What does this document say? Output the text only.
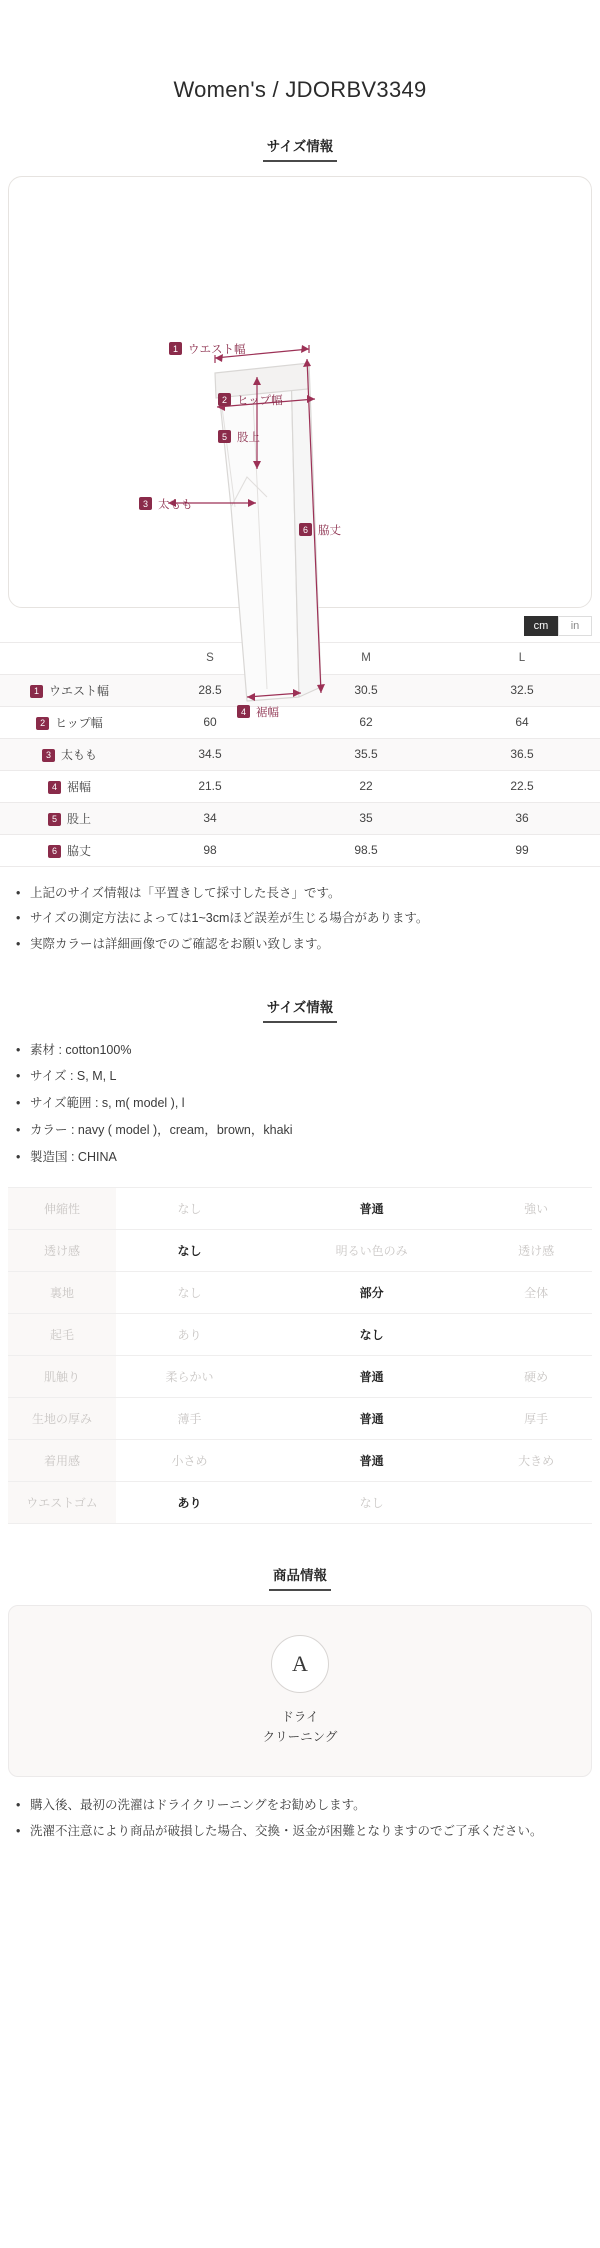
Women's / JDORBV3349
サイズ情報
1 ウエスト幅
2 ヒップ幅
5 股上
3 太もも
6 脇丈
4 裾幅
cm	in
	S	M	L
1 ウエスト幅	28.5	30.5	32.5
2 ヒップ幅	60	62	64
3 太もも	34.5	35.5	36.5
4 裾幅	21.5	22	22.5
5 股上	34	35	36
6 脇丈	98	98.5	99
• 上記のサイズ情報は「平置きして採寸した長さ」です。
• サイズの測定方法によっては1~3cmほど誤差が生じる場合があります。
• 実際カラーは詳細画像でのご確認をお願い致します。
サイズ情報
• 素材 : cotton100%
• サイズ : S, M, L
• サイズ範囲 : s, m( model ), l
• カラー : navy ( model )，cream，brown，khaki
• 製造国 : CHINA
伸縮性	なし	普通	強い
透け感	なし	明るい色のみ	透け感
裏地	なし	部分	全体
起毛	あり	なし	
肌触り	柔らかい	普通	硬め
生地の厚み	薄手	普通	厚手
着用感	小さめ	普通	大きめ
ウエストゴム	あり	なし	
商品情報
A
ドライ
クリーニング
• 購入後、最初の洗濯はドライクリーニングをお勧めします。
• 洗濯不注意により商品が破損した場合、交換・返金が困難となりますのでご了承ください。
